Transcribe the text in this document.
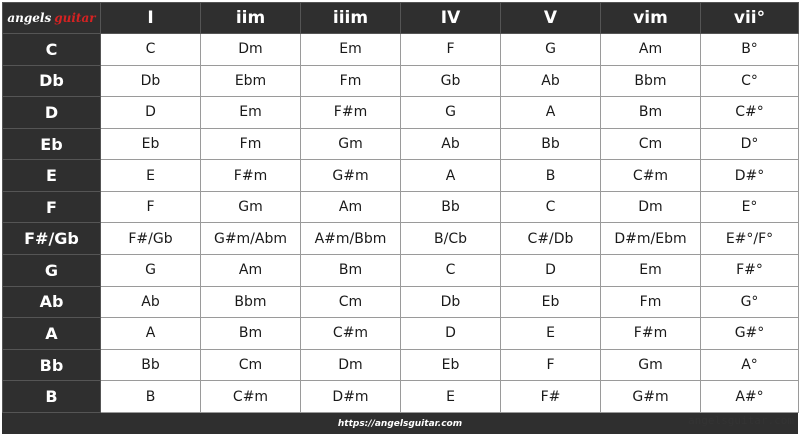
angels guitar	I	iim	iiim	IV	V	vim	vii°
C	C	Dm	Em	F	G	Am	B°
Db	Db	Ebm	Fm	Gb	Ab	Bbm	C°
D	D	Em	F#m	G	A	Bm	C#°
Eb	Eb	Fm	Gm	Ab	Bb	Cm	D°
E	E	F#m	G#m	A	B	C#m	D#°
F	F	Gm	Am	Bb	C	Dm	E°
F#/Gb	F#/Gb	G#m/Abm	A#m/Bbm	B/Cb	C#/Db	D#m/Ebm	E#°/F°
G	G	Am	Bm	C	D	Em	F#°
Ab	Ab	Bbm	Cm	Db	Eb	Fm	G°
A	A	Bm	C#m	D	E	F#m	G#°
Bb	Bb	Cm	Dm	Eb	F	Gm	A°
B	B	C#m	D#m	E	F#	G#m	A#°
https://angelsguitar.com	angelsguitar.com
